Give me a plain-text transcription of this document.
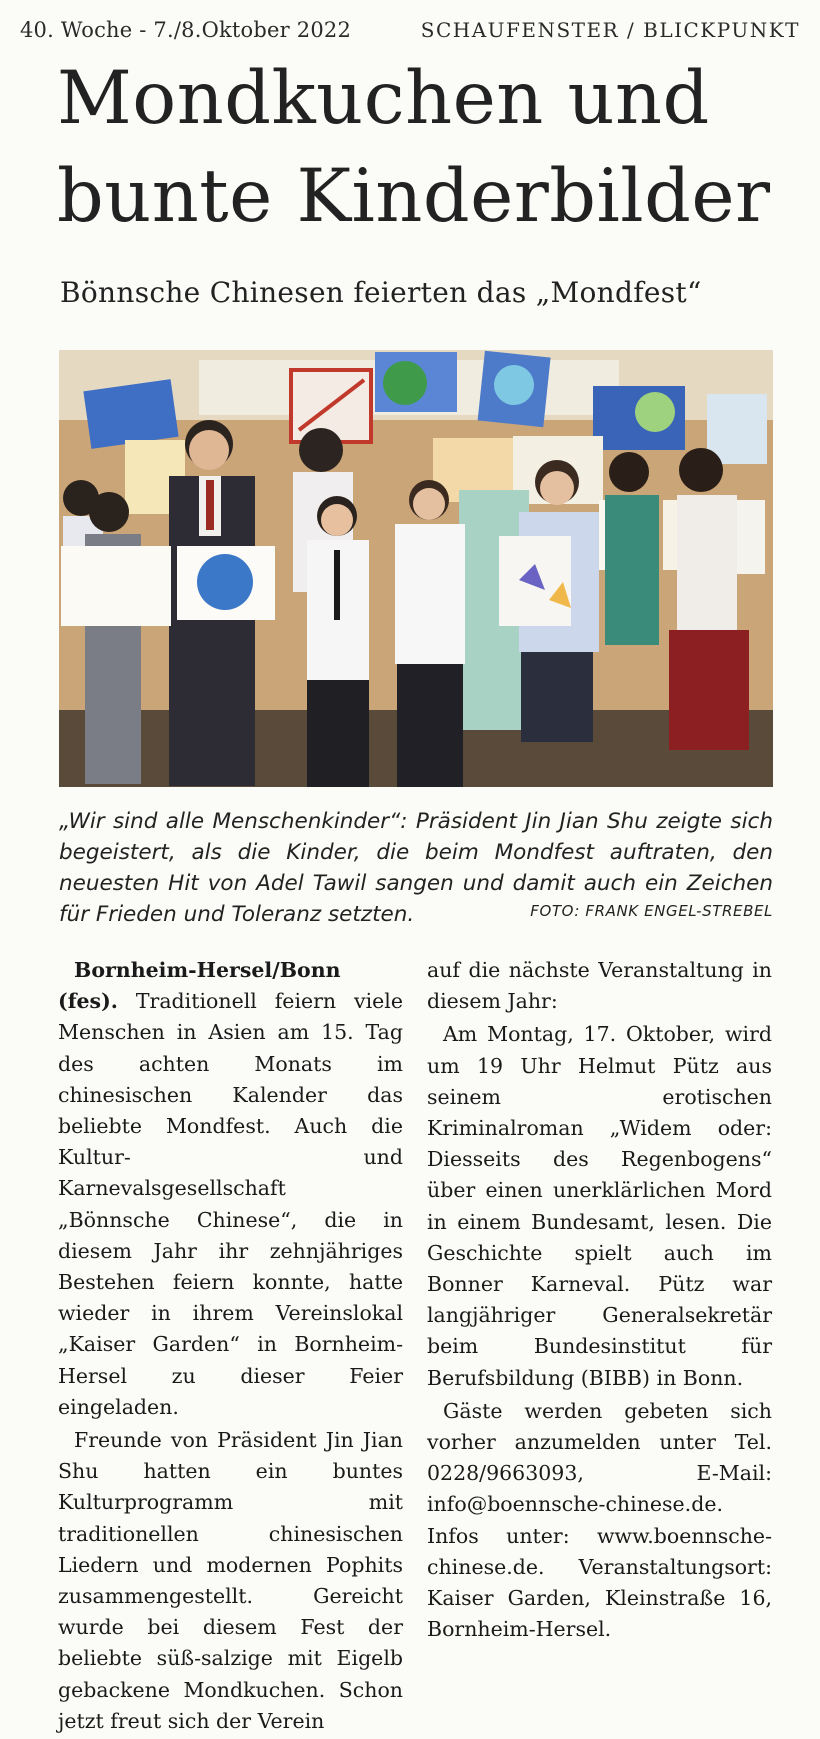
40. Woche - 7./8.Oktober 2022	SCHAUFENSTER / BLICKPUNKT
Mondkuchen und bunte Kinderbilder
Bönnsche Chinesen feierten das „Mondfest“
„Wir sind alle Menschenkinder“: Präsident Jin Jian Shu zeigte sich begeistert, als die Kinder, die beim Mondfest auftraten, den neuesten Hit von Adel Tawil sangen und damit auch ein Zeichen für Frieden und Toleranz setzten.	FOTO: FRANK ENGEL-STREBEL

Bornheim-Hersel/Bonn (fes). Traditionell feiern viele Menschen in Asien am 15. Tag des achten Monats im chinesischen Kalender das beliebte Mondfest. Auch die Kultur- und Karnevalsgesellschaft „Bönnsche Chinese“, die in diesem Jahr ihr zehnjähriges Bestehen feiern konnte, hatte wieder in ihrem Vereinslokal „Kaiser Garden“ in Bornheim-Hersel zu dieser Feier eingeladen.

Freunde von Präsident Jin Jian Shu hatten ein buntes Kulturprogramm mit traditionellen chinesischen Liedern und modernen Pophits zusammengestellt. Gereicht wurde bei diesem Fest der beliebte süß-salzige mit Eigelb gebackene Mondkuchen. Schon jetzt freut sich der Verein

auf die nächste Veranstaltung in diesem Jahr:

Am Montag, 17. Oktober, wird um 19 Uhr Helmut Pütz aus seinem erotischen Kriminalroman „Widem oder: Diesseits des Regenbogens“ über einen unerklärlichen Mord in einem Bundesamt, lesen. Die Geschichte spielt auch im Bonner Karneval. Pütz war langjähriger Generalsekretär beim Bundesinstitut für Berufsbildung (BIBB) in Bonn.

Gäste werden gebeten sich vorher anzumelden unter Tel. 0228/9663093, E-Mail: info@boennsche-chinese.de. Infos unter: www.boennsche-chinese.de. Veranstaltungsort: Kaiser Garden, Kleinstraße 16, Bornheim-Hersel.
